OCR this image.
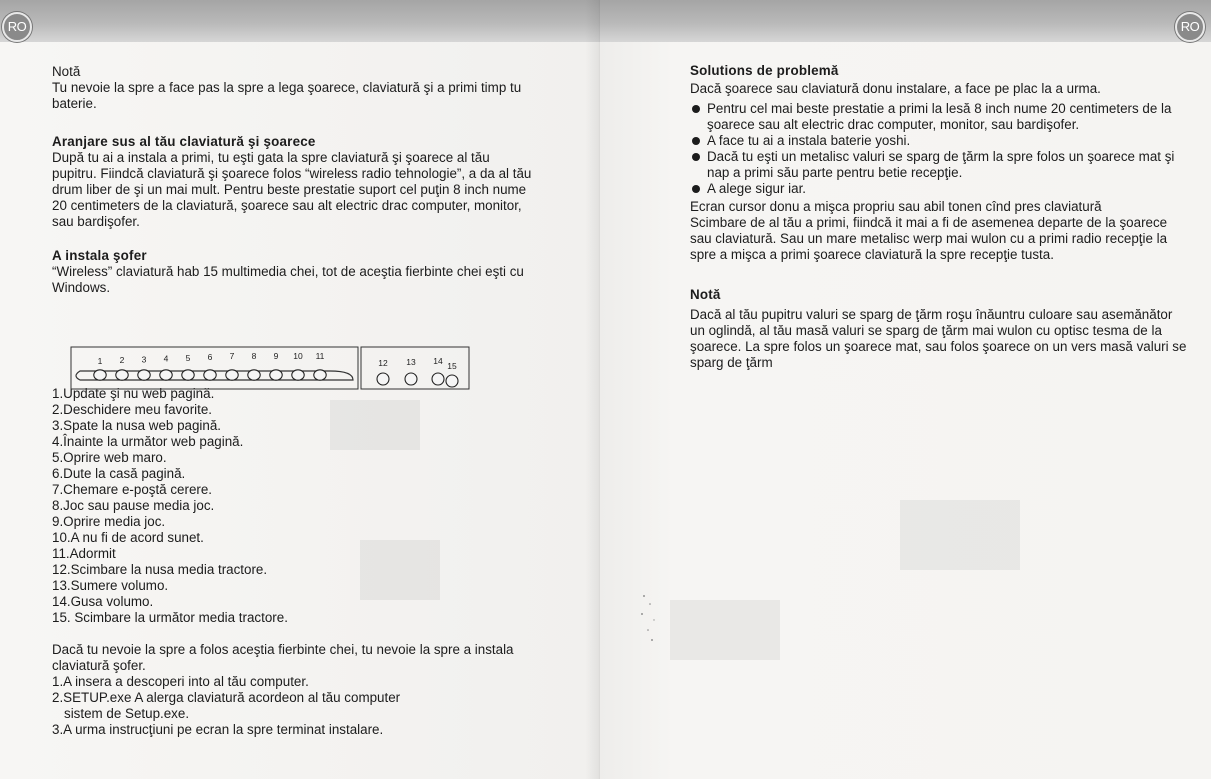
RO

Notă

Tu nevoie la spre a face pas la spre a lega şoarece, claviatură şi a primi timp tu baterie.

Aranjare sus al tău claviatură şi şoarece

După tu ai a instala a primi, tu eşti gata la spre claviatură şi şoarece al tău pupitru. Fiindcă claviatură şi şoarece folos “wireless radio tehnologie”, a da al tău drum liber de şi un mai mult. Pentru beste prestatie suport cel puţin 8 inch nume 20 centimeters de la claviatură, şoarece sau alt electric drac computer, monitor, sau bardişofer.

A instala şofer

“Wireless” claviatură hab 15 multimedia chei, tot de aceştia fierbinte chei eşti cu Windows.

1.Update şi nu web pagină.
2.Deschidere meu favorite.
3.Spate la nusa web pagină.
4.Înainte la următor web pagină.
5.Oprire web maro.
6.Dute la casă pagină.
7.Chemare e-poştă cerere.
8.Joc sau pause media joc.
9.Oprire media joc.
10.A nu fi de acord sunet.
11.Adormit
12.Scimbare la nusa media tractore.
13.Sumere volumo.
14.Gusa volumo.
15. Scimbare la următor media tractore.

Dacă tu nevoie la spre a folos aceştia fierbinte chei, tu nevoie la spre a instala claviatură şofer.

1.A insera a descoperi into al tău computer.
2.SETUP.exe A alerga claviatură acordeon al tău computer
sistem de Setup.exe.
3.A urma instrucţiuni pe ecran la spre terminat instalare.
1 2 3 4 5 6 7 8 9 10 11
12 13 14 15
RO

Solutions de problemă

Dacă şoarece sau claviatură donu instalare, a face pe plac la a urma.

Pentru cel mai beste prestatie a primi la lesă 8 inch nume 20 centimeters de la şoarece sau alt electric drac computer, monitor, sau bardişofer.
A face tu ai a instala baterie yoshi.
Dacă tu eşti un metalisc valuri se sparg de ţărm la spre folos un şoarece mat şi nap a primi său parte pentru betie recepţie.
A alege sigur iar.

Ecran cursor donu a mişca propriu sau abil tonen cînd pres claviatură

Scimbare de al tău a primi, fiindcă it mai a fi de asemenea departe de la şoarece sau claviatură. Sau un mare metalisc werp mai wulon cu a primi radio recepţie la spre a mişca a primi şoarece claviatură la spre recepţie tusta.

Notă

Dacă al tău pupitru valuri se sparg de ţărm roşu înăuntru culoare sau asemănător un oglindă, al tău masă valuri se sparg de ţărm mai wulon cu optisc tesma de la şoarece. La spre folos un şoarece mat, sau folos şoarece on un vers masă valuri se sparg de ţărm
